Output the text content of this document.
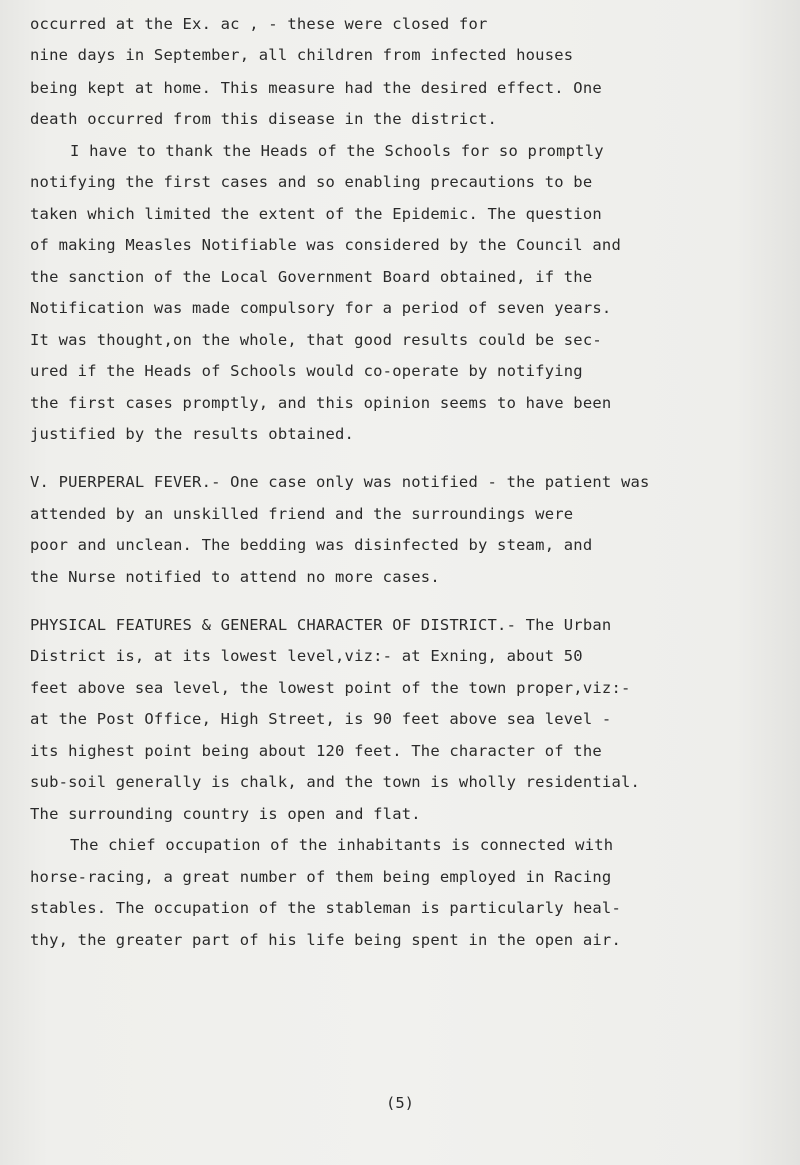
occurred at the Ex. ac , - these were closed for
nine days in September, all children from infected houses
being kept at home. This measure had the desired effect. One
death occurred from this disease in the district.
I have to thank the Heads of the Schools for so promptly
notifying the first cases and so enabling precautions to be
taken which limited the extent of the Epidemic. The question
of making Measles Notifiable was considered by the Council and
the sanction of the Local Government Board obtained, if the
Notification was made compulsory for a period of seven years.
It was thought,on the whole, that good results could be sec-
ured if the Heads of Schools would co-operate by notifying
the first cases promptly, and this opinion seems to have been
justified by the results obtained.
V. PUERPERAL FEVER.- One case only was notified - the patient was
attended by an unskilled friend and the surroundings were
poor and unclean. The bedding was disinfected by steam, and
the Nurse notified to attend no more cases.
PHYSICAL FEATURES & GENERAL CHARACTER OF DISTRICT.- The Urban
District is, at its lowest level,viz:- at Exning, about 50
feet above sea level, the lowest point of the town proper,viz:-
at the Post Office, High Street, is 90 feet above sea level -
its highest point being about 120 feet. The character of the
sub-soil generally is chalk, and the town is wholly residential.
The surrounding country is open and flat.
The chief occupation of the inhabitants is connected with
horse-racing, a great number of them being employed in Racing
stables. The occupation of the stableman is particularly heal-
thy, the greater part of his life being spent in the open air.
(5)
